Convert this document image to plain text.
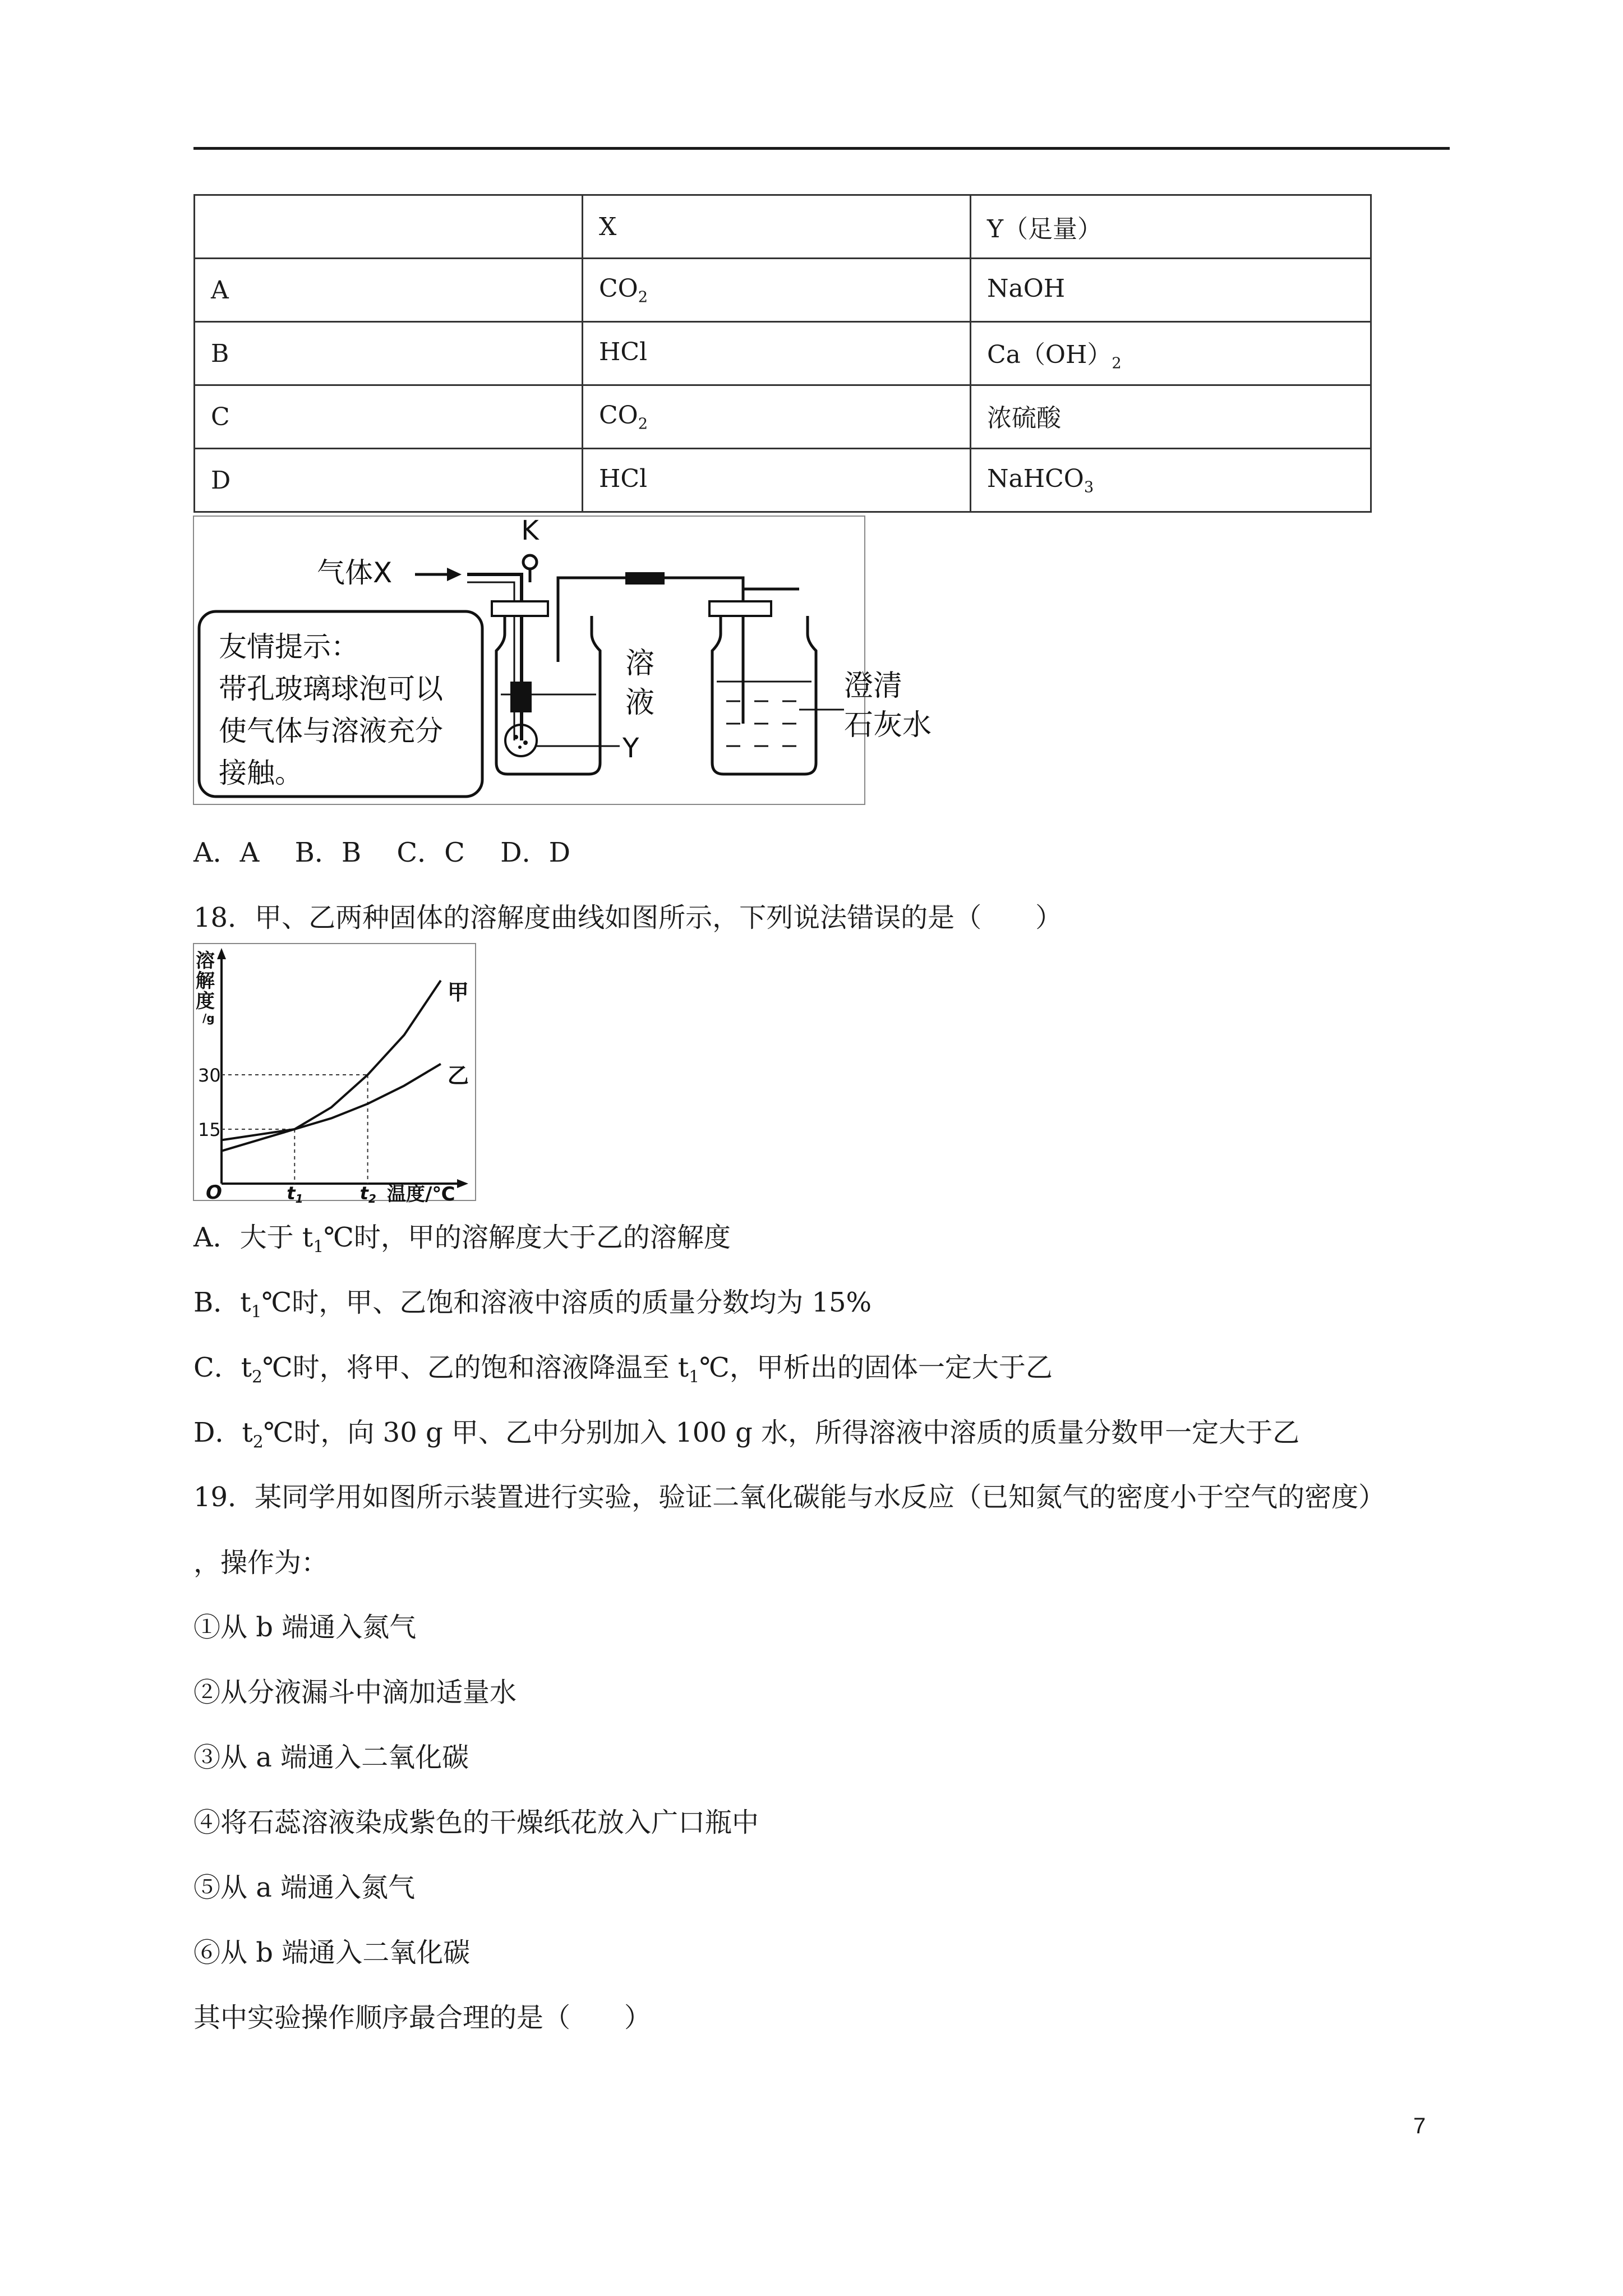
	X	Y（足量）
A	$CO_2$	NaOH
B	HCl	$Ca(OH)_2$
C	$CO_2$	浓硫酸
D	HCl	NaHCO$_3$
K
气体X
溶
液
Y
澄清
石灰水
友情提示：
带孔玻璃球泡可以
使气体与溶液充分
接触。
A．A　 B．B　 C．C　 D．D
18．甲、乙两种固体的溶解度曲线如图所示，下列说法错误的是（　　）
溶解度/g
温度/℃
O
15
30
t1	t2
甲
乙
A．大于 $t_1℃$时，甲的溶解度大于乙的溶解度
B．$t_1℃$时，甲、乙饱和溶液中溶质的质量分数均为 15%
C．$t_2℃$时，将甲、乙的饱和溶液降温至 $t_1℃$，甲析出的固体一定大于乙
D．$t_2℃$时，向 30 g 甲、乙中分别加入 100 g 水，所得溶液中溶质的质量分数甲一定大于乙
19．某同学用如图所示装置进行实验，验证二氧化碳能与水反应（已知氮气的密度小于空气的密度）
，操作为：
①从 b 端通入氮气
②从分液漏斗中滴加适量水
③从 a 端通入二氧化碳
④将石蕊溶液染成紫色的干燥纸花放入广口瓶中
⑤从 a 端通入氮气
⑥从 b 端通入二氧化碳
其中实验操作顺序最合理的是（　　）
7
